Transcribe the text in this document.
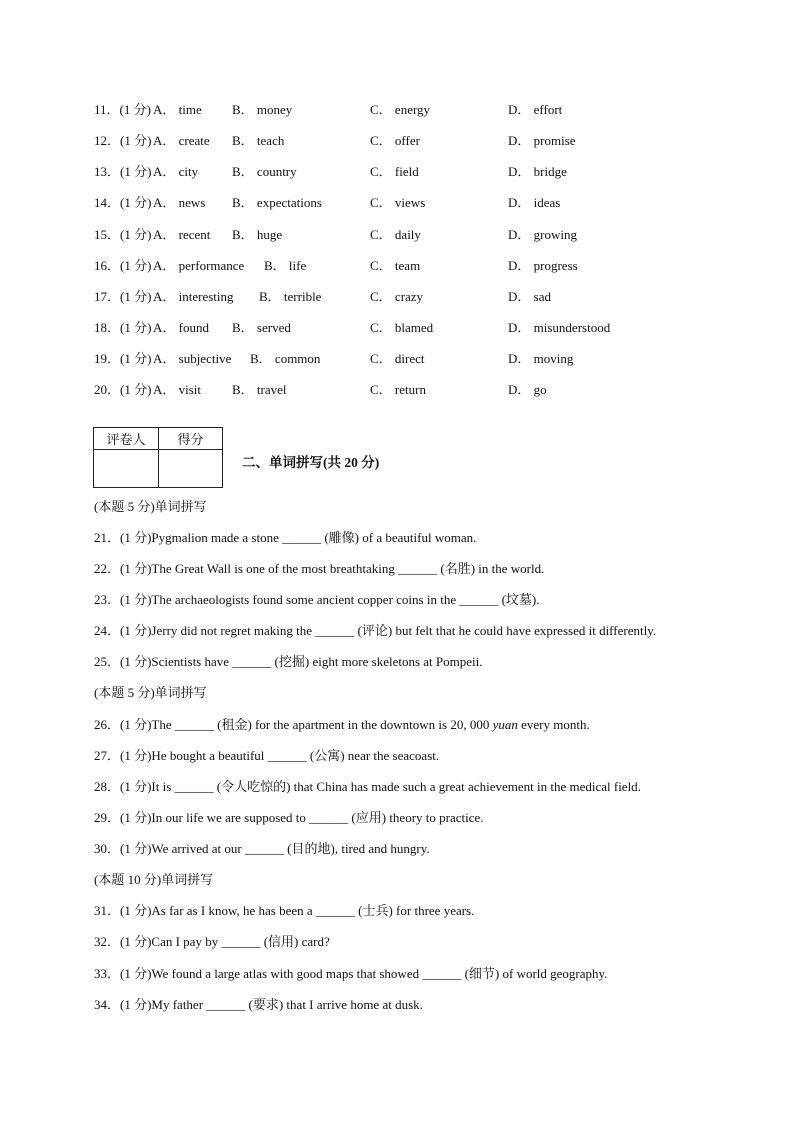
11．(1 分) A． time B． money	C． energy	D． effort
12．(1 分) A． create B． teach	C． offer	D． promise
13．(1 分) A． city	B． country	C． field	D． bridge
14．(1 分) A． news B． expectations	C． views	D． ideas
15．(1 分) A． recent B． huge	C． daily	D． growing
16．(1 分) A． performance B． life	C． team	D． progress
17．(1 分) A． interesting B． terrible	C． crazy	D． sad
18．(1 分) A． found B． served	C． blamed	D． misunderstood
19．(1 分) A． subjective B． common	C． direct	D． moving
20．(1 分) A． visit B． travel	C． return	D． go
评卷人	得分

二、单词拼写(共 20 分)
(本题 5 分)单词拼写
21．(1 分)Pygmalion made a stone ______ (雕像) of a beautiful woman.
22．(1 分)The Great Wall is one of the most breathtaking ______ (名胜) in the world.
23．(1 分)The archaeologists found some ancient copper coins in the ______ (坟墓).
24．(1 分)Jerry did not regret making the ______ (评论) but felt that he could have expressed it differently.
25．(1 分)Scientists have ______ (挖掘) eight more skeletons at Pompeii.
(本题 5 分)单词拼写
26．(1 分)The ______ (租金) for the apartment in the downtown is 20, 000 yuan every month.
27．(1 分)He bought a beautiful ______ (公寓) near the seacoast.
28．(1 分)It is ______ (令人吃惊的) that China has made such a great achievement in the medical field.
29．(1 分)In our life we are supposed to ______ (应用) theory to practice.
30．(1 分)We arrived at our ______ (目的地), tired and hungry.
(本题 10 分)单词拼写
31．(1 分)As far as I know, he has been a ______ (士兵) for three years.
32．(1 分)Can I pay by ______ (信用) card?
33．(1 分)We found a large atlas with good maps that showed ______ (细节) of world geography.
34．(1 分)My father ______ (要求) that I arrive home at dusk.
